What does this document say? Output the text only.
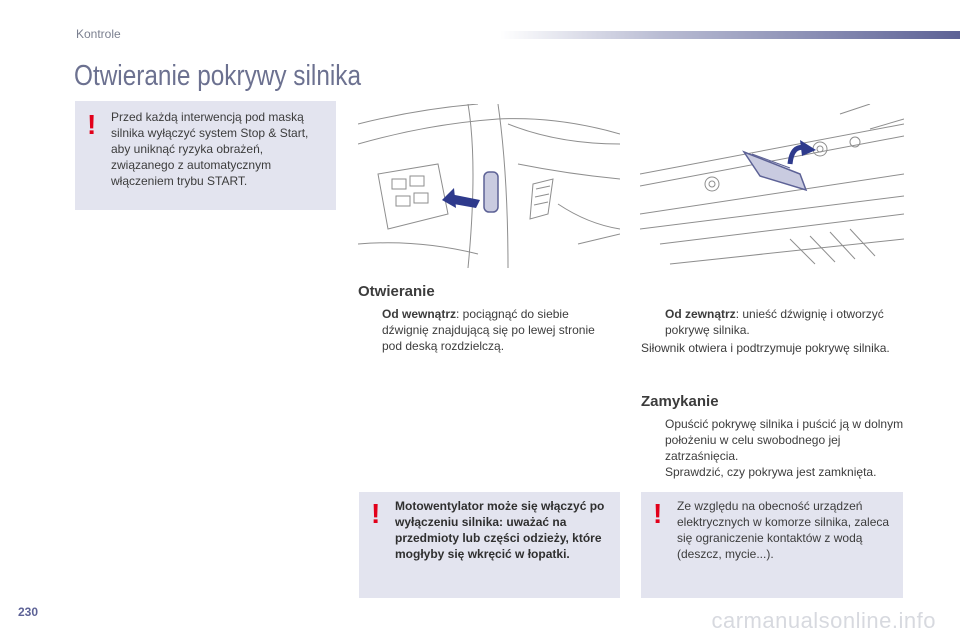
Kontrole
Otwieranie pokrywy silnika
! Przed każdą interwencją pod maską silnika wyłączyć system Stop & Start, aby uniknąć ryzyka obrażeń, związanego z automatycznym włączeniem trybu START.
Otwieranie
Od wewnątrz: pociągnąć do siebie dźwignię znajdującą się po lewej stronie pod deską rozdzielczą.
Od zewnątrz: unieść dźwignię i otworzyć pokrywę silnika.
Siłownik otwiera i podtrzymuje pokrywę silnika.
Zamykanie
Opuścić pokrywę silnika i puścić ją w dolnym położeniu w celu swobodnego jej zatrzaśnięcia.
Sprawdzić, czy pokrywa jest zamknięta.
! Motowentylator może się włączyć po wyłączeniu silnika: uważać na przedmioty lub części odzieży, które mogłyby się wkręcić w łopatki.
! Ze względu na obecność urządzeń elektrycznych w komorze silnika, zaleca się ograniczenie kontaktów z wodą (deszcz, mycie...).
230	carmanualsonline.info
